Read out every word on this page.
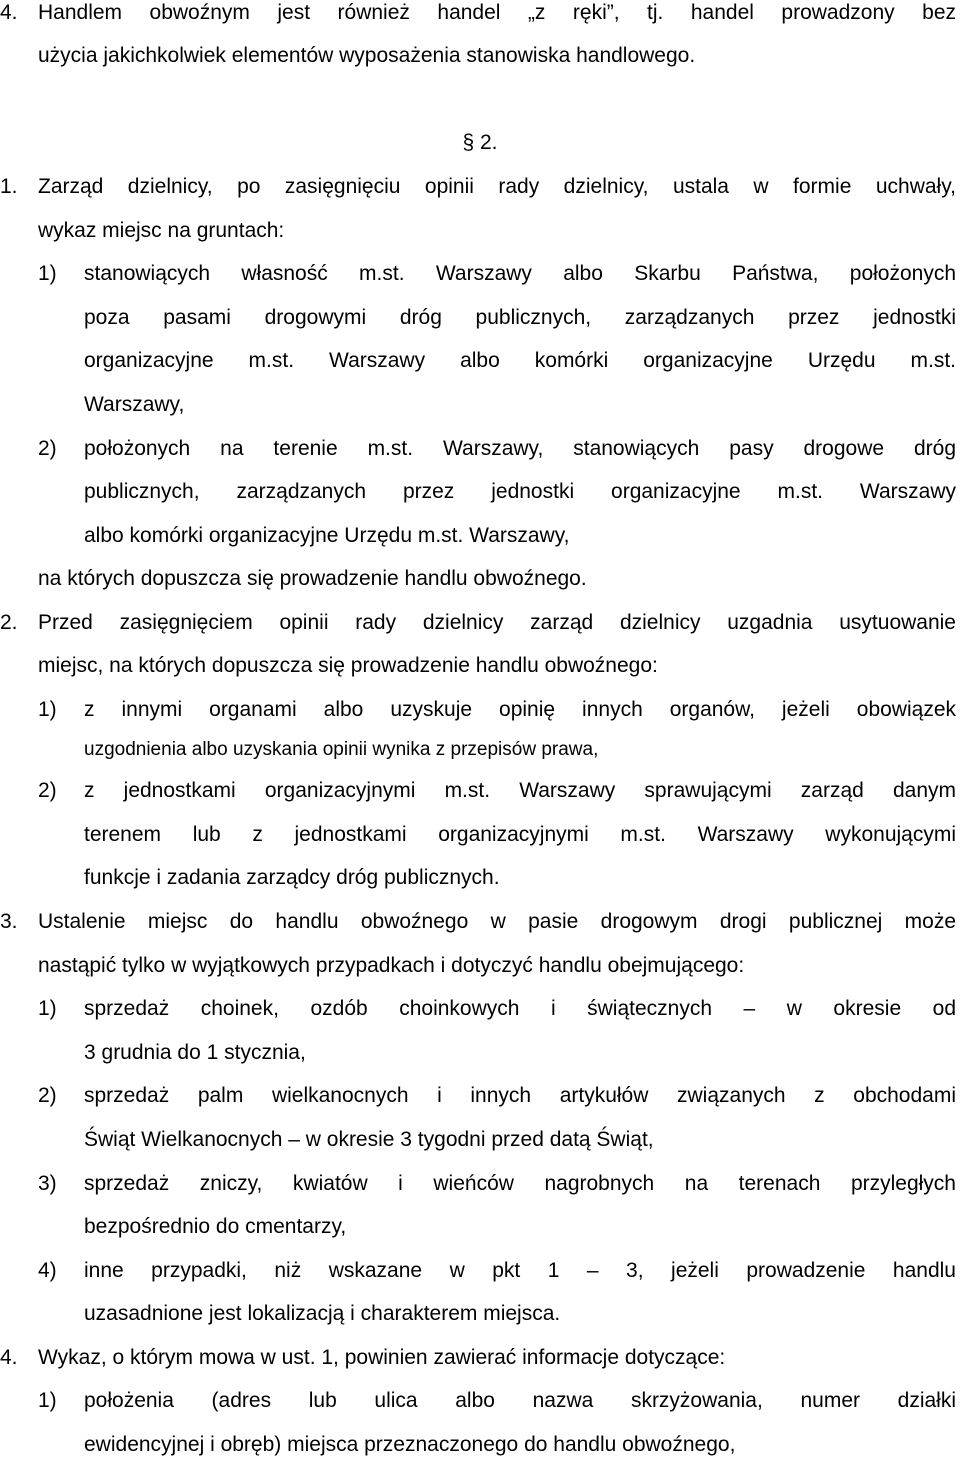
4. Handlem obwoźnym jest również handel „z ręki”, tj. handel prowadzony bez
użycia jakichkolwiek elementów wyposażenia stanowiska handlowego.
§ 2.
1. Zarząd dzielnicy, po zasięgnięciu opinii rady dzielnicy, ustala w formie uchwały,
wykaz miejsc na gruntach:
1) stanowiących własność m.st. Warszawy albo Skarbu Państwa, położonych
poza pasami drogowymi dróg publicznych, zarządzanych przez jednostki
organizacyjne m.st. Warszawy albo komórki organizacyjne Urzędu m.st.
Warszawy,
2) położonych na terenie m.st. Warszawy, stanowiących pasy drogowe dróg
publicznych, zarządzanych przez jednostki organizacyjne m.st. Warszawy
albo komórki organizacyjne Urzędu m.st. Warszawy,
na których dopuszcza się prowadzenie handlu obwoźnego.
2. Przed zasięgnięciem opinii rady dzielnicy zarząd dzielnicy uzgadnia usytuowanie
miejsc, na których dopuszcza się prowadzenie handlu obwoźnego:
1) z innymi organami albo uzyskuje opinię innych organów, jeżeli obowiązek
uzgodnienia albo uzyskania opinii wynika z przepisów prawa,
2) z jednostkami organizacyjnymi m.st. Warszawy sprawującymi zarząd danym
terenem lub z jednostkami organizacyjnymi m.st. Warszawy wykonującymi
funkcje i zadania zarządcy dróg publicznych.
3. Ustalenie miejsc do handlu obwoźnego w pasie drogowym drogi publicznej może
nastąpić tylko w wyjątkowych przypadkach i dotyczyć handlu obejmującego:
1) sprzedaż choinek, ozdób choinkowych i świątecznych – w okresie od
3 grudnia do 1 stycznia,
2) sprzedaż palm wielkanocnych i innych artykułów związanych z obchodami
Świąt Wielkanocnych – w okresie 3 tygodni przed datą Świąt,
3) sprzedaż zniczy, kwiatów i wieńców nagrobnych na terenach przyległych
bezpośrednio do cmentarzy,
4) inne przypadki, niż wskazane w pkt 1 – 3, jeżeli prowadzenie handlu
uzasadnione jest lokalizacją i charakterem miejsca.
4. Wykaz, o którym mowa w ust. 1, powinien zawierać informacje dotyczące:
1) położenia (adres lub ulica albo nazwa skrzyżowania, numer działki
ewidencyjnej i obręb) miejsca przeznaczonego do handlu obwoźnego,
